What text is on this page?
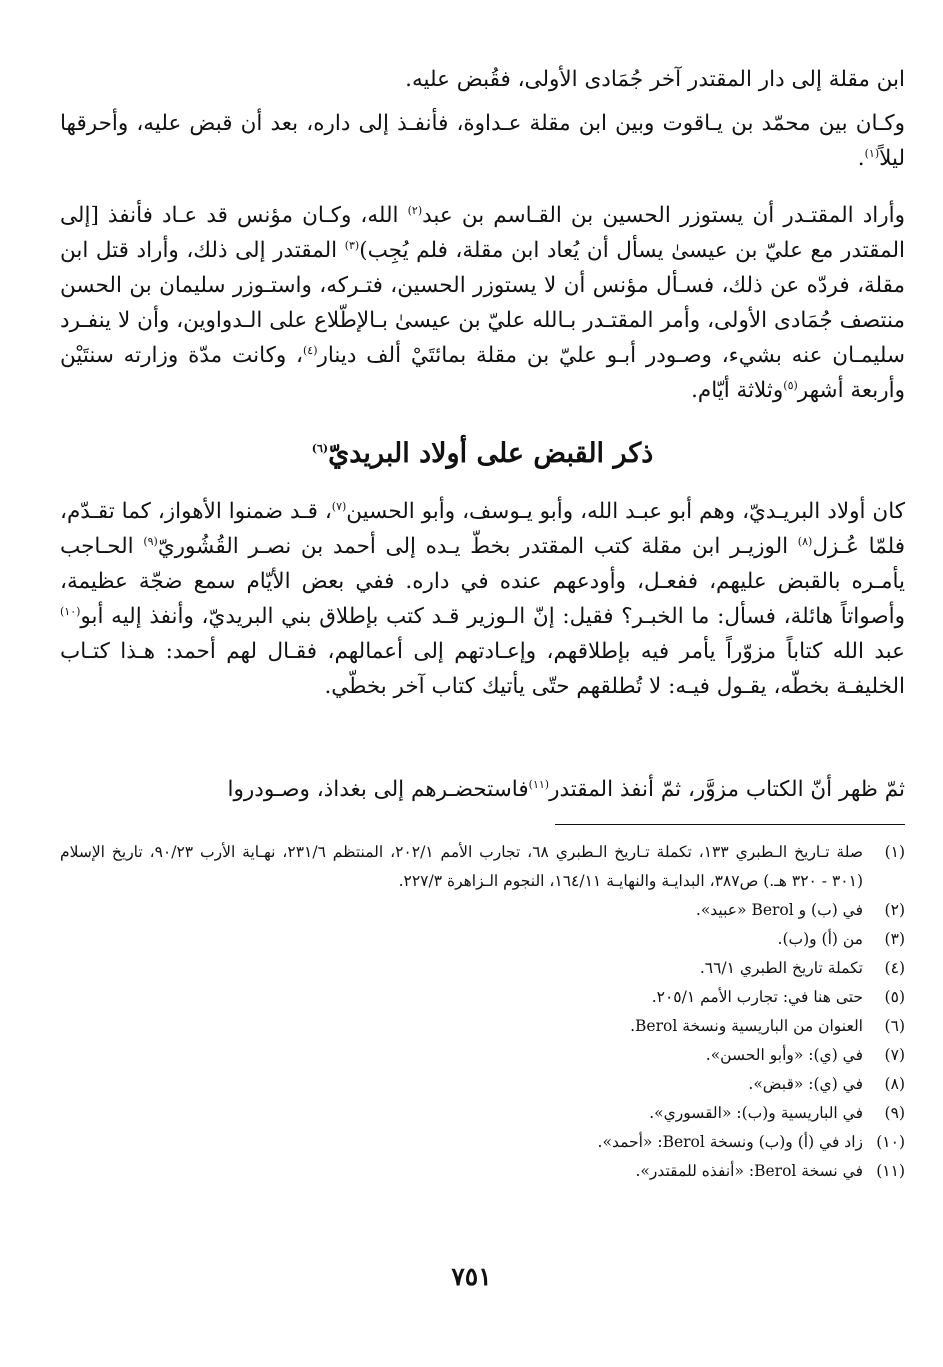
ابن مقلة إلى دار المقتدر آخر جُمَادى الأولى، فقُبض عليه.

وكـان بين محمّد بن يـاقوت وبين ابن مقلة عـداوة، فأنفـذ إلى داره، بعد أن قبض عليه، وأحرقها ليلاً$^{(١)}$.

وأراد المقتـدر أن يستوزر الحسين بن القـاسم بن عبد$^{(٢)}$ الله، وكـان مؤنس قد عـاد فأنفذ [إلى المقتدر مع عليّ بن عيسىٰ يسأل أن يُعاد ابن مقلة، فلم يُجِب)$^{(٣)}$ المقتدر إلى ذلك، وأراد قتل ابن مقلة، فردّه عن ذلك، فسـأل مؤنس أن لا يستوزر الحسين، فتـركه، واستـوزر سليمان بن الحسن منتصف جُمَادى الأولى، وأمر المقتـدر بـالله عليّ بن عيسىٰ بـالإطّلاع على الـدواوين، وأن لا ينفـرد سليمـان عنه بشيء، وصـودر أبـو عليّ بن مقلة بمائتَيْ ألف دينار$^{(٤)}$، وكانت مدّة وزارته سنتَيْن وأربعة أشهر$^{(٥)}$وثلاثة أيّام.

ذكر القبض على أولاد البريديّ$^{(٦)}$

كان أولاد البريـديّ، وهم أبو عبـد الله، وأبو يـوسف، وأبو الحسين$^{(٧)}$، قـد ضمنوا الأهواز، كما تقـدّم، فلمّا عُـزل$^{(٨)}$ الوزيـر ابن مقلة كتب المقتدر بخطّ يـده إلى أحمد بن نصـر القُشُوريّ$^{(٩)}$ الحـاجب يأمـره بالقبض عليهم، ففعـل، وأودعهم عنده في داره. ففي بعض الأيّام سمع ضجّة عظيمة، وأصواتاً هائلة، فسأل: ما الخبـر؟ فقيل: إنّ الـوزير قـد كتب بإطلاق بني البريديّ، وأنفذ إليه أبو$^{(١٠)}$ عبد الله كتاباً مزوّراً يأمر فيه بإطلاقهم، وإعـادتهم إلى أعمالهم، فقـال لهم أحمد: هـذا كتـاب الخليفـة بخطّه، يقـول فيـه: لا تُطلقهم حتّى يأتيك كتاب آخر بخطّي.

ثمّ ظهر أنّ الكتاب مزوَّر، ثمّ أنفذ المقتدر$^{(١١)}$فاستحضـرهم إلى بغداذ، وصـودروا

(١)صلة تـاريخ الـطبري ١٣٣، تكملة تـاريخ الـطبري ٦٨، تجارب الأمم ٢٠٢/١، المنتظم ٢٣١/٦، نهـاية الأرب ٩٠/٢٣، تاريخ الإسلام (٣٠١ - ٣٢٠ هـ.) ص٣٨٧، البدايـة والنهايـة ١٦٤/١١، النجوم الـزاهرة ٢٢٧/٣.

(٢)في (ب) و Berol «عبيد».

(٣)من (أ) و(ب).

(٤)تكملة تاريخ الطبري ٦٦/١.

(٥)حتى هنا في: تجارب الأمم ٢٠٥/١.

(٦)العنوان من الباريسية ونسخة Berol.

(٧)في (ي): «وأبو الحسن».

(٨)في (ي): «قبض».

(٩)في الباريسية و(ب): «القسوري».

(١٠)زاد في (أ) و(ب) ونسخة Berol: «أحمد».

(١١)في نسخة Berol: «أنفذه للمقتدر».

٧٥١
